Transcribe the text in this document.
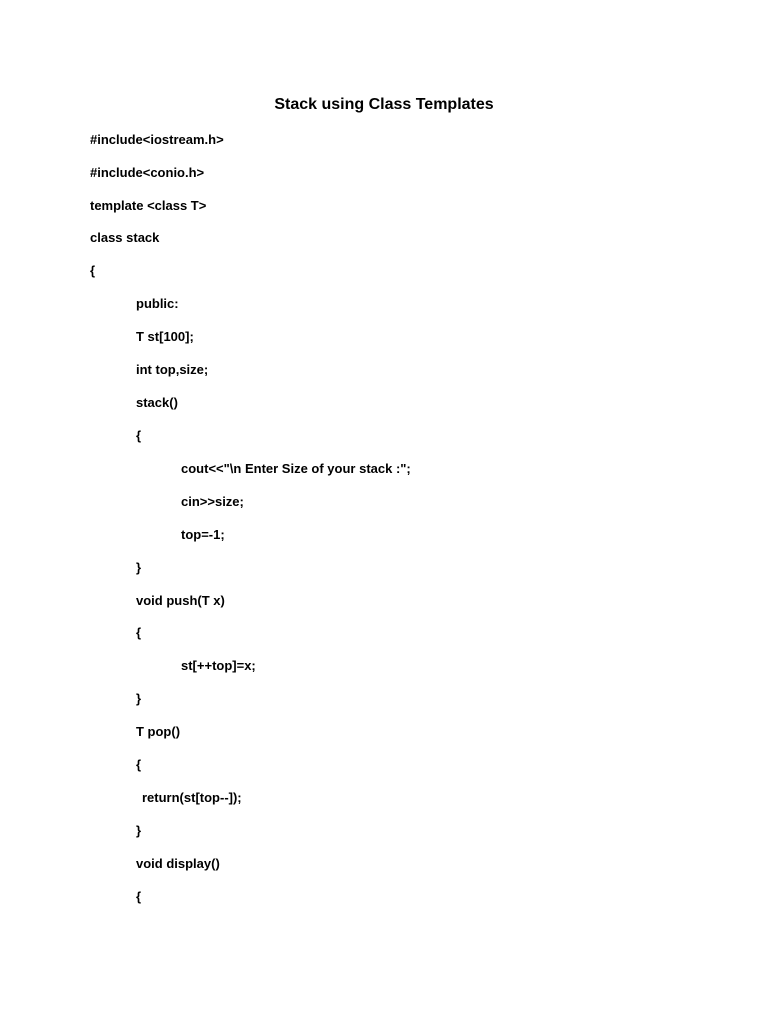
Stack using Class Templates
#include<iostream.h>
#include<conio.h>
template <class T>
class stack
{
public:
T st[100];
int top,size;
stack()
{
cout<<"\n Enter Size of your stack :";
cin>>size;
top=-1;
}
void push(T x)
{
st[++top]=x;
}
T pop()
{
return(st[top--]);
}
void display()
{
